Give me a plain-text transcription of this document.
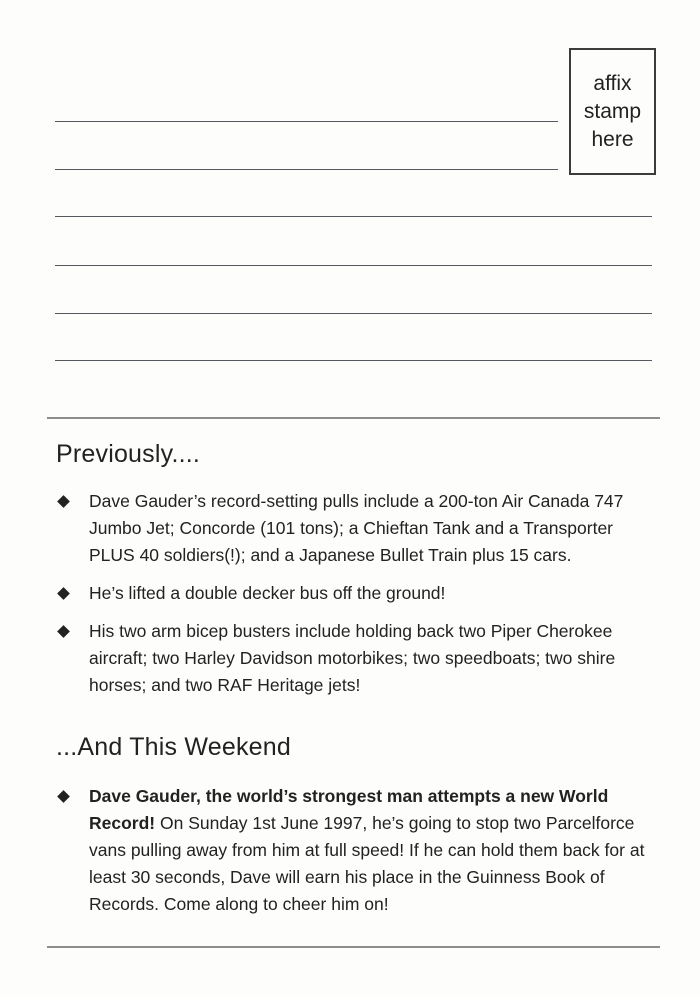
affix
stamp
here
Previously....
Dave Gauder’s record-setting pulls include a 200-ton Air Canada 747 Jumbo Jet; Concorde (101 tons); a Chieftan Tank and a Transporter PLUS 40 soldiers(!); and a Japanese Bullet Train plus 15 cars.
He’s lifted a double decker bus off the ground!
His two arm bicep busters include holding back two Piper Cherokee aircraft; two Harley Davidson motorbikes; two speedboats; two shire horses; and two RAF Heritage jets!
...And This Weekend
Dave Gauder, the world’s strongest man attempts a new World Record! On Sunday 1st June 1997, he’s going to stop two Parcelforce vans pulling away from him at full speed! If he can hold them back for at least 30 seconds, Dave will earn his place in the Guinness Book of Records. Come along to cheer him on!
